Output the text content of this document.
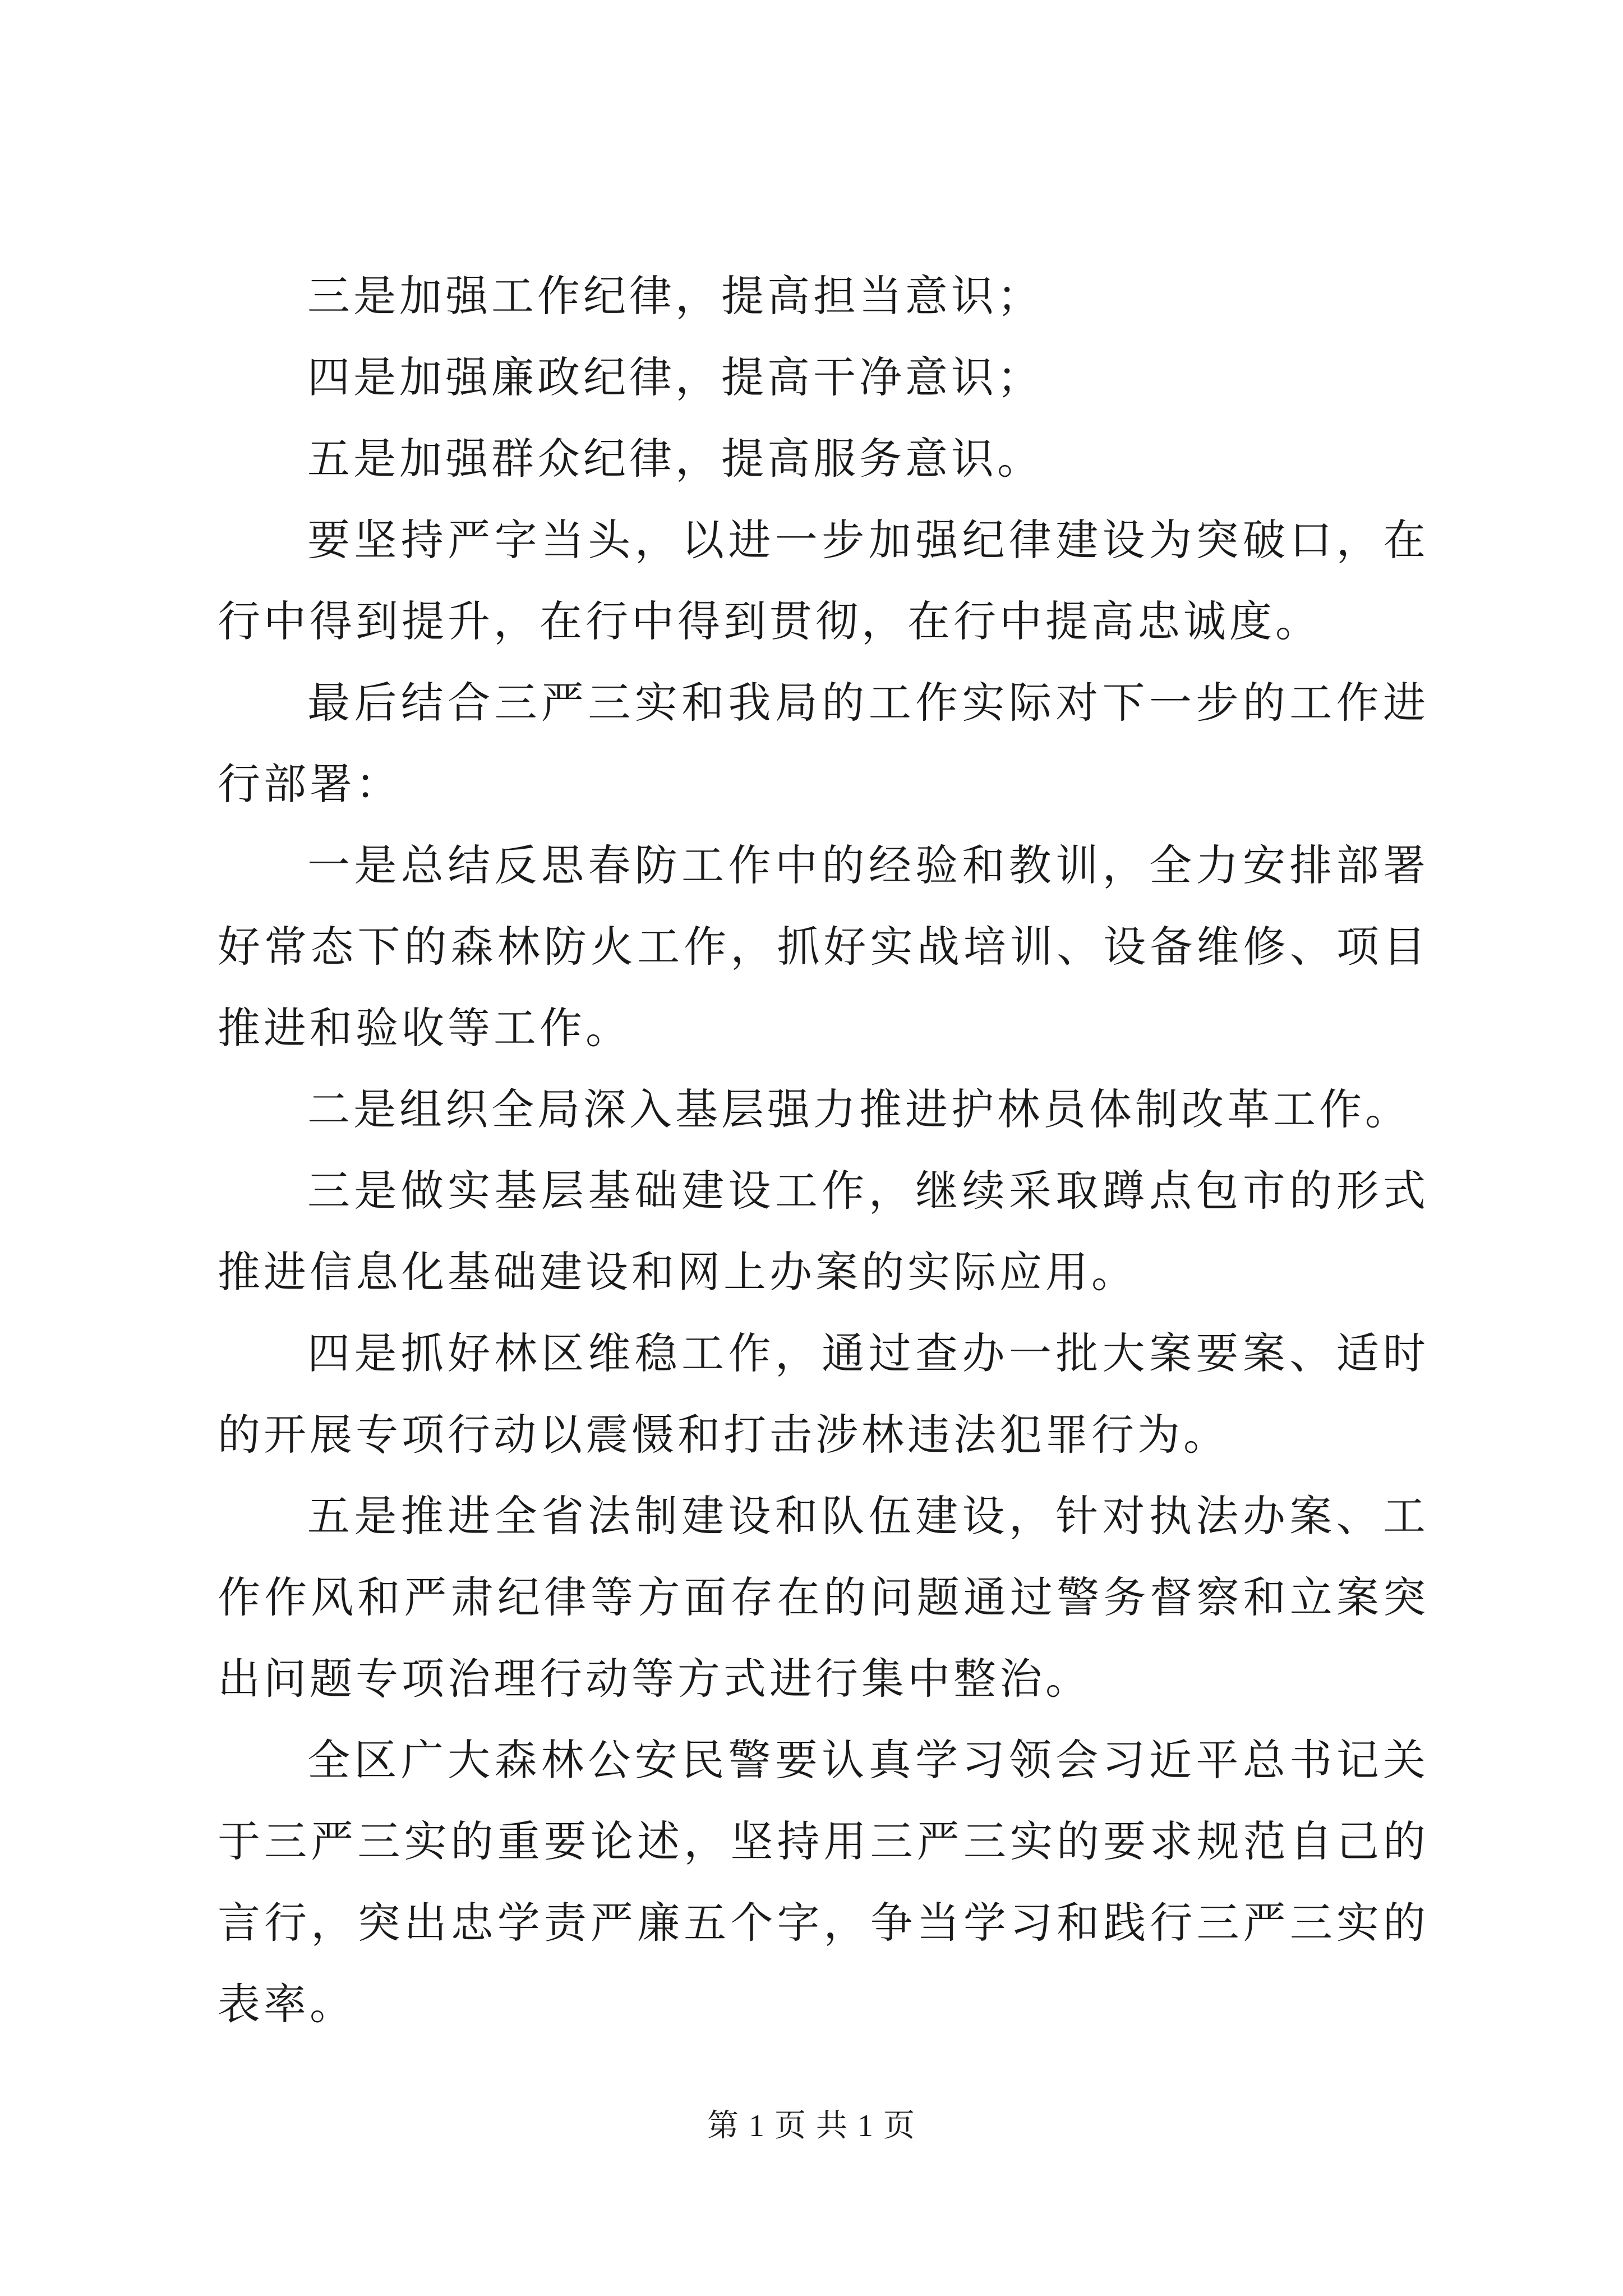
三是加强工作纪律，提高担当意识；

四是加强廉政纪律，提高干净意识；

五是加强群众纪律，提高服务意识。

要坚持严字当头，以进一步加强纪律建设为突破口，在行中得到提升，在行中得到贯彻，在行中提高忠诚度。

最后结合三严三实和我局的工作实际对下一步的工作进行部署：

一是总结反思春防工作中的经验和教训，全力安排部署好常态下的森林防火工作，抓好实战培训、设备维修、项目推进和验收等工作。

二是组织全局深入基层强力推进护林员体制改革工作。

三是做实基层基础建设工作，继续采取蹲点包市的形式推进信息化基础建设和网上办案的实际应用。

四是抓好林区维稳工作，通过查办一批大案要案、适时的开展专项行动以震慑和打击涉林违法犯罪行为。

五是推进全省法制建设和队伍建设，针对执法办案、工作作风和严肃纪律等方面存在的问题通过警务督察和立案突出问题专项治理行动等方式进行集中整治。

全区广大森林公安民警要认真学习领会习近平总书记关于三严三实的重要论述，坚持用三严三实的要求规范自己的言行，突出忠学责严廉五个字，争当学习和践行三严三实的表率。

第 1 页 共 1 页
